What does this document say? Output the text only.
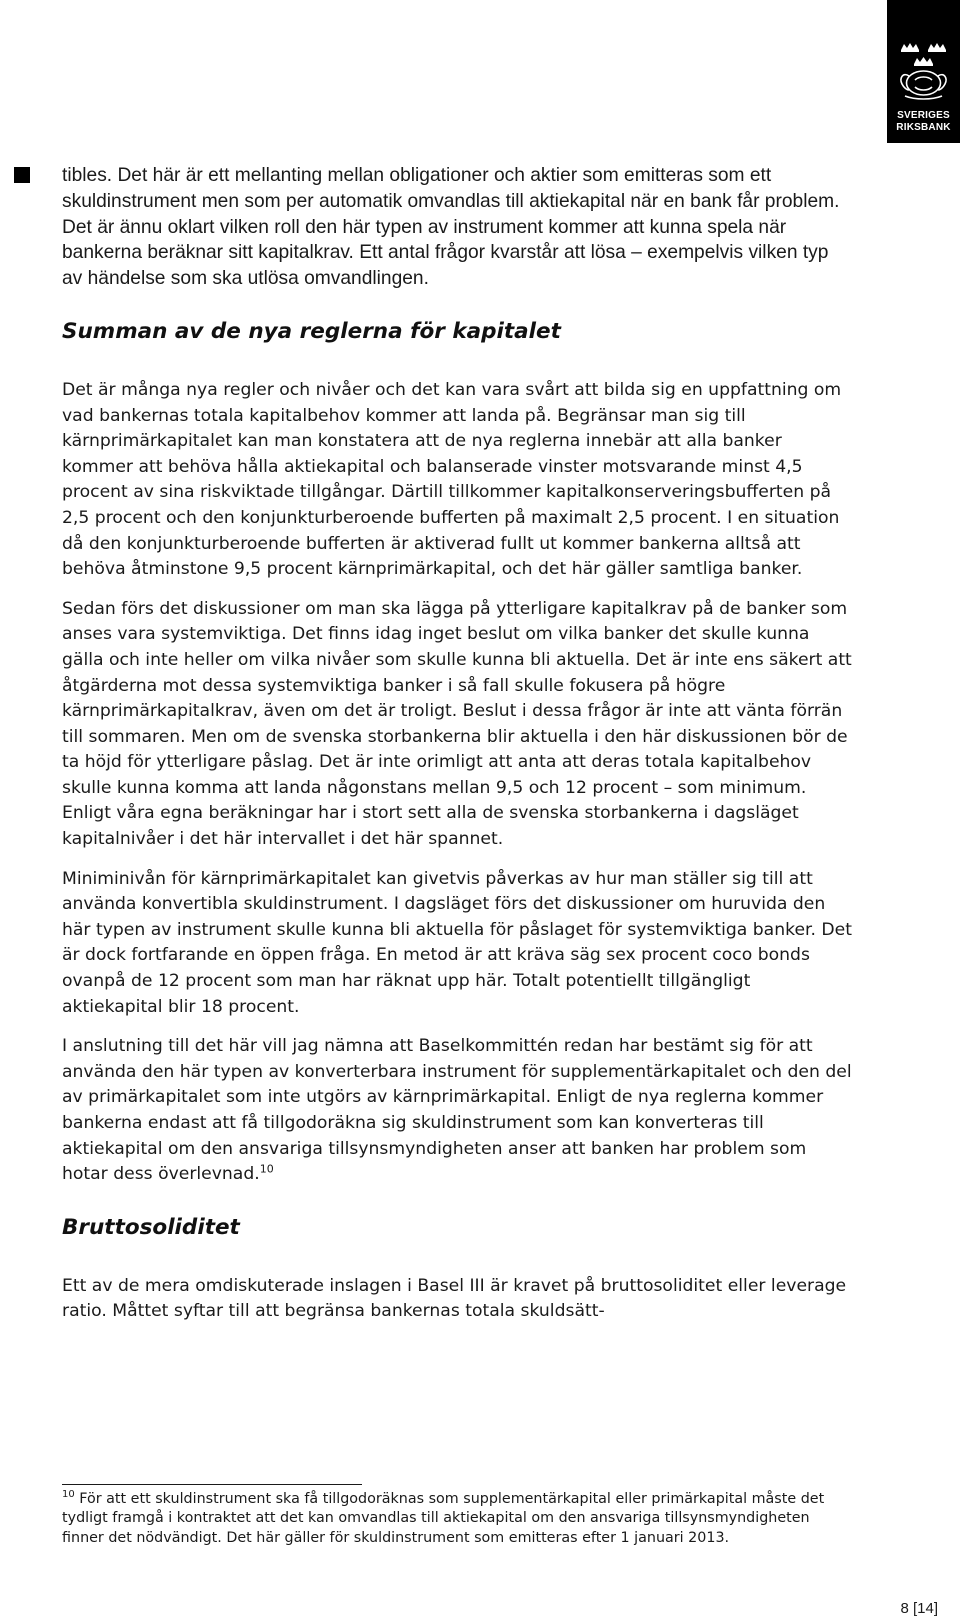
SVERIGES
RIKSBANK

tibles. Det här är ett mellanting mellan obligationer och aktier som emitteras som ett skuldinstrument men som per automatik omvandlas till aktiekapital när en bank får problem. Det är ännu oklart vilken roll den här typen av instrument kommer att kunna spela när bankerna beräknar sitt kapitalkrav. Ett antal frågor kvarstår att lösa – exempelvis vilken typ av händelse som ska utlösa omvandlingen.

Summan av de nya reglerna för kapitalet

Det är många nya regler och nivåer och det kan vara svårt att bilda sig en uppfattning om vad bankernas totala kapitalbehov kommer att landa på. Begränsar man sig till kärnprimärkapitalet kan man konstatera att de nya reglerna innebär att alla banker kommer att behöva hålla aktiekapital och balanserade vinster motsvarande minst 4,5 procent av sina riskviktade tillgångar. Därtill tillkommer kapitalkonserveringsbufferten på 2,5 procent och den konjunkturberoende bufferten på maximalt 2,5 procent. I en situation då den konjunkturberoende bufferten är aktiverad fullt ut kommer bankerna alltså att behöva åtminstone 9,5 procent kärnprimärkapital, och det här gäller samtliga banker.

Sedan förs det diskussioner om man ska lägga på ytterligare kapitalkrav på de banker som anses vara systemviktiga. Det finns idag inget beslut om vilka banker det skulle kunna gälla och inte heller om vilka nivåer som skulle kunna bli aktuella. Det är inte ens säkert att åtgärderna mot dessa systemviktiga banker i så fall skulle fokusera på högre kärnprimärkapitalkrav, även om det är troligt. Beslut i dessa frågor är inte att vänta förrän till sommaren. Men om de svenska storbankerna blir aktuella i den här diskussionen bör de ta höjd för ytterligare påslag. Det är inte orimligt att anta att deras totala kapitalbehov skulle kunna komma att landa någonstans mellan 9,5 och 12 procent – som minimum. Enligt våra egna beräkningar har i stort sett alla de svenska storbankerna i dagsläget kapitalnivåer i det här intervallet i det här spannet.

Miniminivån för kärnprimärkapitalet kan givetvis påverkas av hur man ställer sig till att använda konvertibla skuldinstrument. I dagsläget förs det diskussioner om huruvida den här typen av instrument skulle kunna bli aktuella för påslaget för systemviktiga banker. Det är dock fortfarande en öppen fråga. En metod är att kräva säg sex procent coco bonds ovanpå de 12 procent som man har räknat upp här. Totalt potentiellt tillgängligt aktiekapital blir 18 procent.

I anslutning till det här vill jag nämna att Baselkommittén redan har bestämt sig för att använda den här typen av konverterbara instrument för supplementärkapitalet och den del av primärkapitalet som inte utgörs av kärnprimärkapital. Enligt de nya reglerna kommer bankerna endast att få tillgodoräkna sig skuldinstrument som kan konverteras till aktiekapital om den ansvariga tillsynsmyndigheten anser att banken har problem som hotar dess överlevnad.$^{10}$

Bruttosoliditet

Ett av de mera omdiskuterade inslagen i Basel III är kravet på bruttosoliditet eller leverage ratio. Måttet syftar till att begränsa bankernas totala skuldsätt-

$^{10}$ För att ett skuldinstrument ska få tillgodoräknas som supplementärkapital eller primärkapital måste det tydligt framgå i kontraktet att det kan omvandlas till aktiekapital om den ansvariga tillsynsmyndigheten finner det nödvändigt. Det här gäller för skuldinstrument som emitteras efter 1 januari 2013.

8 [14]
